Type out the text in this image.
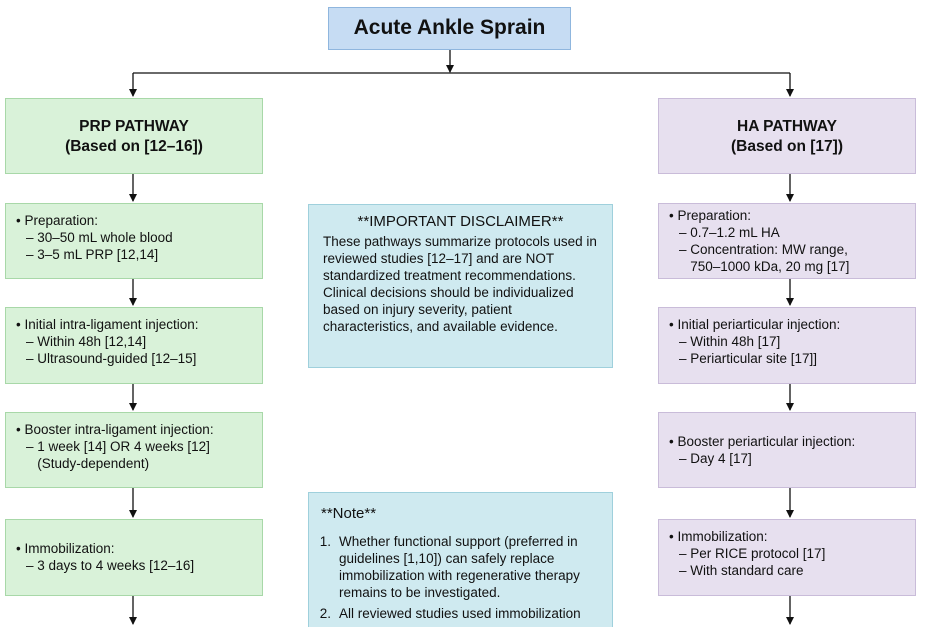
Acute Ankle Sprain
PRP PATHWAY
(Based on [12–16])
• Preparation:
– 30–50 mL whole blood
– 3–5 mL PRP [12,14]
• Initial intra-ligament injection:
– Within 48h [12,14]
– Ultrasound-guided [12–15]
• Booster intra-ligament injection:
– 1 week [14] OR 4 weeks [12]
(Study-dependent)
• Immobilization:
– 3 days to 4 weeks [12–16]
HA PATHWAY
(Based on [17])
• Preparation:
– 0.7–1.2 mL HA
– Concentration: MW range,
750–1000 kDa, 20 mg [17]
• Initial periarticular injection:
– Within 48h [17]
– Periarticular site [17]]
• Booster periarticular injection:
– Day 4 [17]
• Immobilization:
– Per RICE protocol [17]
– With standard care
**IMPORTANT DISCLAIMER**
These pathways summarize protocols used in reviewed studies [12–17] and are NOT standardized treatment recommendations. Clinical decisions should be individualized based on injury severity, patient characteristics, and available evidence.
**Note**
1. Whether functional support (preferred in guidelines [1,10]) can safely replace immobilization with regenerative therapy remains to be investigated.
2. All reviewed studies used immobilization
